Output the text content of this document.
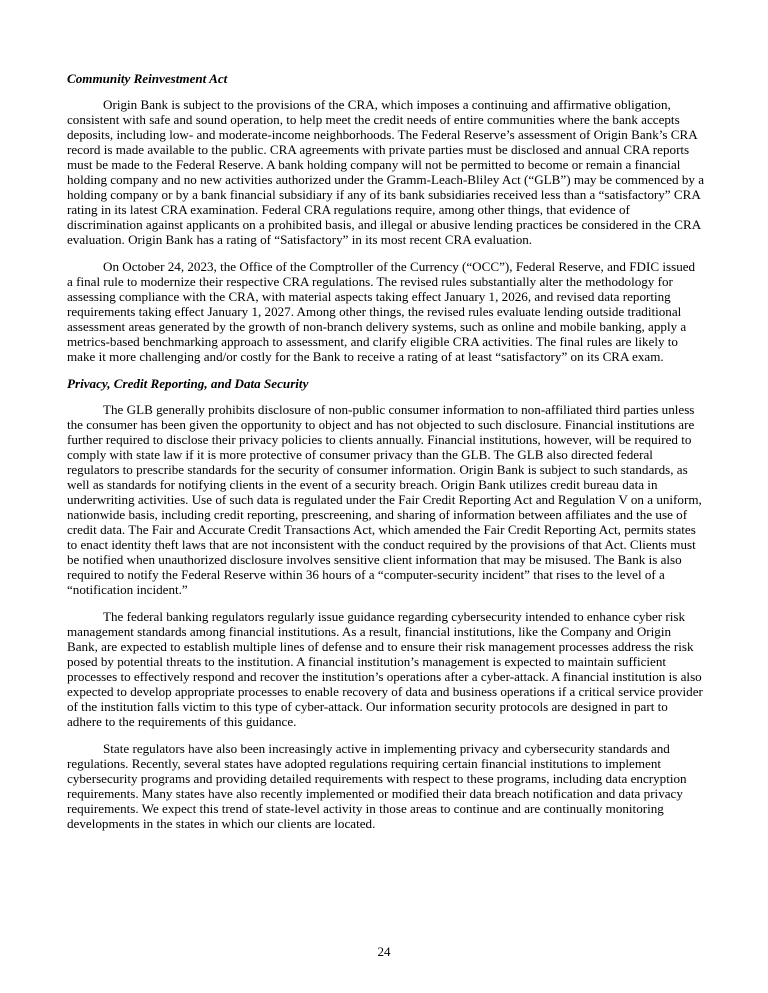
Community Reinvestment Act

Origin Bank is subject to the provisions of the CRA, which imposes a continuing and affirmative obligation, consistent with safe and sound operation, to help meet the credit needs of entire communities where the bank accepts deposits, including low- and moderate-income neighborhoods. The Federal Reserve’s assessment of Origin Bank’s CRA record is made available to the public. CRA agreements with private parties must be disclosed and annual CRA reports must be made to the Federal Reserve. A bank holding company will not be permitted to become or remain a financial holding company and no new activities authorized under the Gramm-Leach-Bliley Act (“GLB”) may be commenced by a holding company or by a bank financial subsidiary if any of its bank subsidiaries received less than a “satisfactory” CRA rating in its latest CRA examination. Federal CRA regulations require, among other things, that evidence of discrimination against applicants on a prohibited basis, and illegal or abusive lending practices be considered in the CRA evaluation. Origin Bank has a rating of “Satisfactory” in its most recent CRA evaluation.

On October 24, 2023, the Office of the Comptroller of the Currency (“OCC”), Federal Reserve, and FDIC issued a final rule to modernize their respective CRA regulations. The revised rules substantially alter the methodology for assessing compliance with the CRA, with material aspects taking effect January 1, 2026, and revised data reporting requirements taking effect January 1, 2027. Among other things, the revised rules evaluate lending outside traditional assessment areas generated by the growth of non-branch delivery systems, such as online and mobile banking, apply a metrics-based benchmarking approach to assessment, and clarify eligible CRA activities. The final rules are likely to make it more challenging and/or costly for the Bank to receive a rating of at least “satisfactory” on its CRA exam.

Privacy, Credit Reporting, and Data Security

The GLB generally prohibits disclosure of non-public consumer information to non-affiliated third parties unless the consumer has been given the opportunity to object and has not objected to such disclosure. Financial institutions are further required to disclose their privacy policies to clients annually. Financial institutions, however, will be required to comply with state law if it is more protective of consumer privacy than the GLB. The GLB also directed federal regulators to prescribe standards for the security of consumer information. Origin Bank is subject to such standards, as well as standards for notifying clients in the event of a security breach. Origin Bank utilizes credit bureau data in underwriting activities. Use of such data is regulated under the Fair Credit Reporting Act and Regulation V on a uniform, nationwide basis, including credit reporting, prescreening, and sharing of information between affiliates and the use of credit data. The Fair and Accurate Credit Transactions Act, which amended the Fair Credit Reporting Act, permits states to enact identity theft laws that are not inconsistent with the conduct required by the provisions of that Act. Clients must be notified when unauthorized disclosure involves sensitive client information that may be misused. The Bank is also required to notify the Federal Reserve within 36 hours of a “computer-security incident” that rises to the level of a “notification incident.”

The federal banking regulators regularly issue guidance regarding cybersecurity intended to enhance cyber risk management standards among financial institutions. As a result, financial institutions, like the Company and Origin Bank, are expected to establish multiple lines of defense and to ensure their risk management processes address the risk posed by potential threats to the institution. A financial institution’s management is expected to maintain sufficient processes to effectively respond and recover the institution’s operations after a cyber-attack. A financial institution is also expected to develop appropriate processes to enable recovery of data and business operations if a critical service provider of the institution falls victim to this type of cyber-attack. Our information security protocols are designed in part to adhere to the requirements of this guidance.

State regulators have also been increasingly active in implementing privacy and cybersecurity standards and regulations. Recently, several states have adopted regulations requiring certain financial institutions to implement cybersecurity programs and providing detailed requirements with respect to these programs, including data encryption requirements. Many states have also recently implemented or modified their data breach notification and data privacy requirements. We expect this trend of state-level activity in those areas to continue and are continually monitoring developments in the states in which our clients are located.

24
